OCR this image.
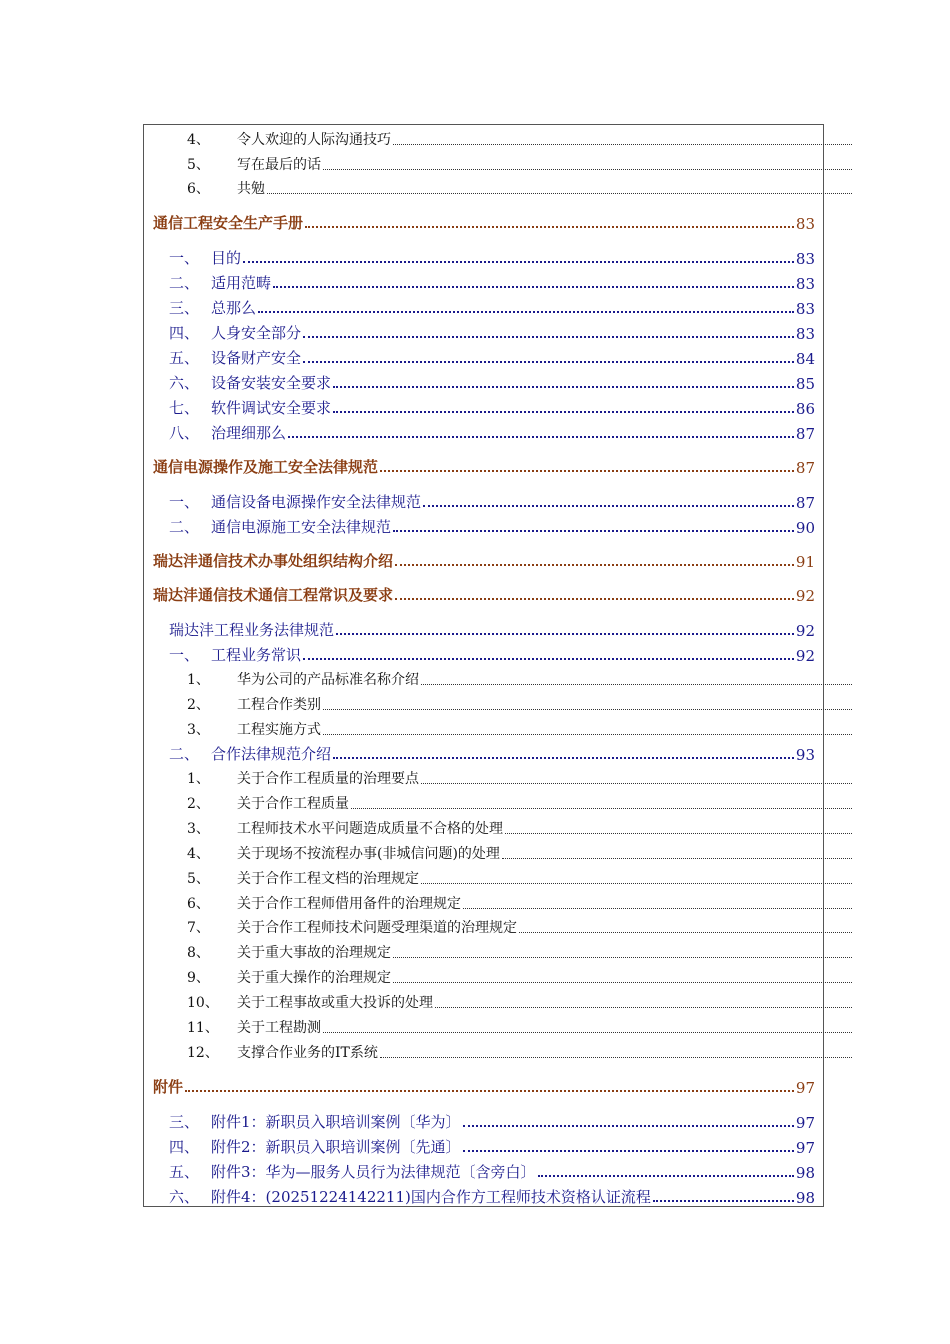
4、	令人欢迎的人际沟通技巧
5、	写在最后的话
6、	共勉
通信工程安全生产手册	83
一、 目的	83
二、 适用范畴	83
三、 总那么	83
四、 人身安全部分	83
五、 设备财产安全	84
六、 设备安装安全要求	85
七、 软件调试安全要求	86
八、 治理细那么	87
通信电源操作及施工安全法律规范	87
一、 通信设备电源操作安全法律规范	87
二、 通信电源施工安全法律规范	90
瑞达沣通信技术办事处组织结构介绍	91
瑞达沣通信技术通信工程常识及要求	92
瑞达沣工程业务法律规范	92
一、 工程业务常识	92
1、	华为公司的产品标准名称介绍
2、	工程合作类别
3、	工程实施方式
二、 合作法律规范介绍	93
1、	关于合作工程质量的治理要点
2、	关于合作工程质量
3、	工程师技术水平问题造成质量不合格的处理
4、	关于现场不按流程办事(非城信问题)的处理
5、	关于合作工程文档的治理规定
6、	关于合作工程师借用备件的治理规定
7、	关于合作工程师技术问题受理渠道的治理规定
8、	关于重大事故的治理规定
9、	关于重大操作的治理规定
10、	关于工程事故或重大投诉的处理
11、	关于工程勘测
12、	支撑合作业务的IT系统
附件	97
三、 附件1：新职员入职培训案例〔华为〕	97
四、 附件2：新职员入职培训案例〔先通〕	97
五、 附件3：华为—服务人员行为法律规范〔含旁白〕	98
六、 附件4：(20251224142211)国内合作方工程师技术资格认证流程	98
